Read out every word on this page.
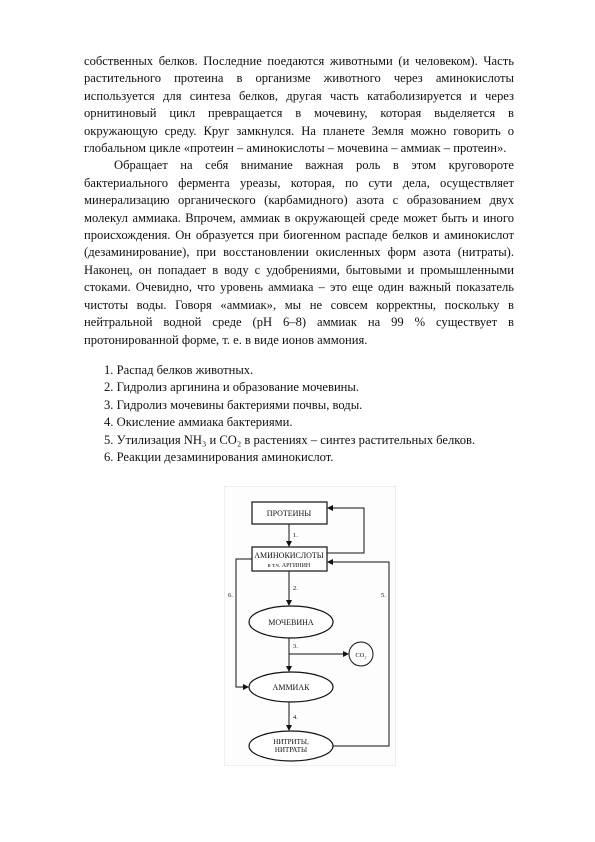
собственных белков. Последние поедаются животными (и человеком). Часть растительного протеина в организме животного через аминокислоты используется для синтеза белков, другая часть катаболизируется и через орнитиновый цикл превращается в мочевину, которая выделяется в окружающую среду. Круг замкнулся. На планете Земля можно говорить о глобальном цикле «протеин – аминокислоты – мочевина – аммиак – протеин».

Обращает на себя внимание важная роль в этом круговороте бактериального фермента уреазы, которая, по сути дела, осуществляет минерализацию органического (карбамидного) азота с образованием двух молекул аммиака. Впрочем, аммиак в окружающей среде может быть и иного происхождения. Он образуется при биогенном распаде белков и аминокислот (дезаминирование), при восстановлении окисленных форм азота (нитраты). Наконец, он попадает в воду с удобрениями, бытовыми и промышленными стоками. Очевидно, что уровень аммиака – это еще один важный показатель чистоты воды. Говоря «аммиак», мы не совсем корректны, поскольку в нейтральной водной среде (рН 6–8) аммиак на 99 % существует в протонированной форме, т. е. в виде ионов аммония.

1. Распад белков животных.
2. Гидролиз аргинина и образование мочевины.
3. Гидролиз мочевины бактериями почвы, воды.
4. Окисление аммиака бактериями.
5. Утилизация NH₃ и CO₂ в растениях – синтез растительных белков.
6. Реакции дезаминирования аминокислот.
ПРОТЕИНЫ
АМИНОКИСЛОТЫ
в т.ч. АРГИНИН
МОЧЕВИНА
CO₂
АММИАК
НИТРИТЫ,
НИТРАТЫ
1.
2.
3.
4.
5.
6.
